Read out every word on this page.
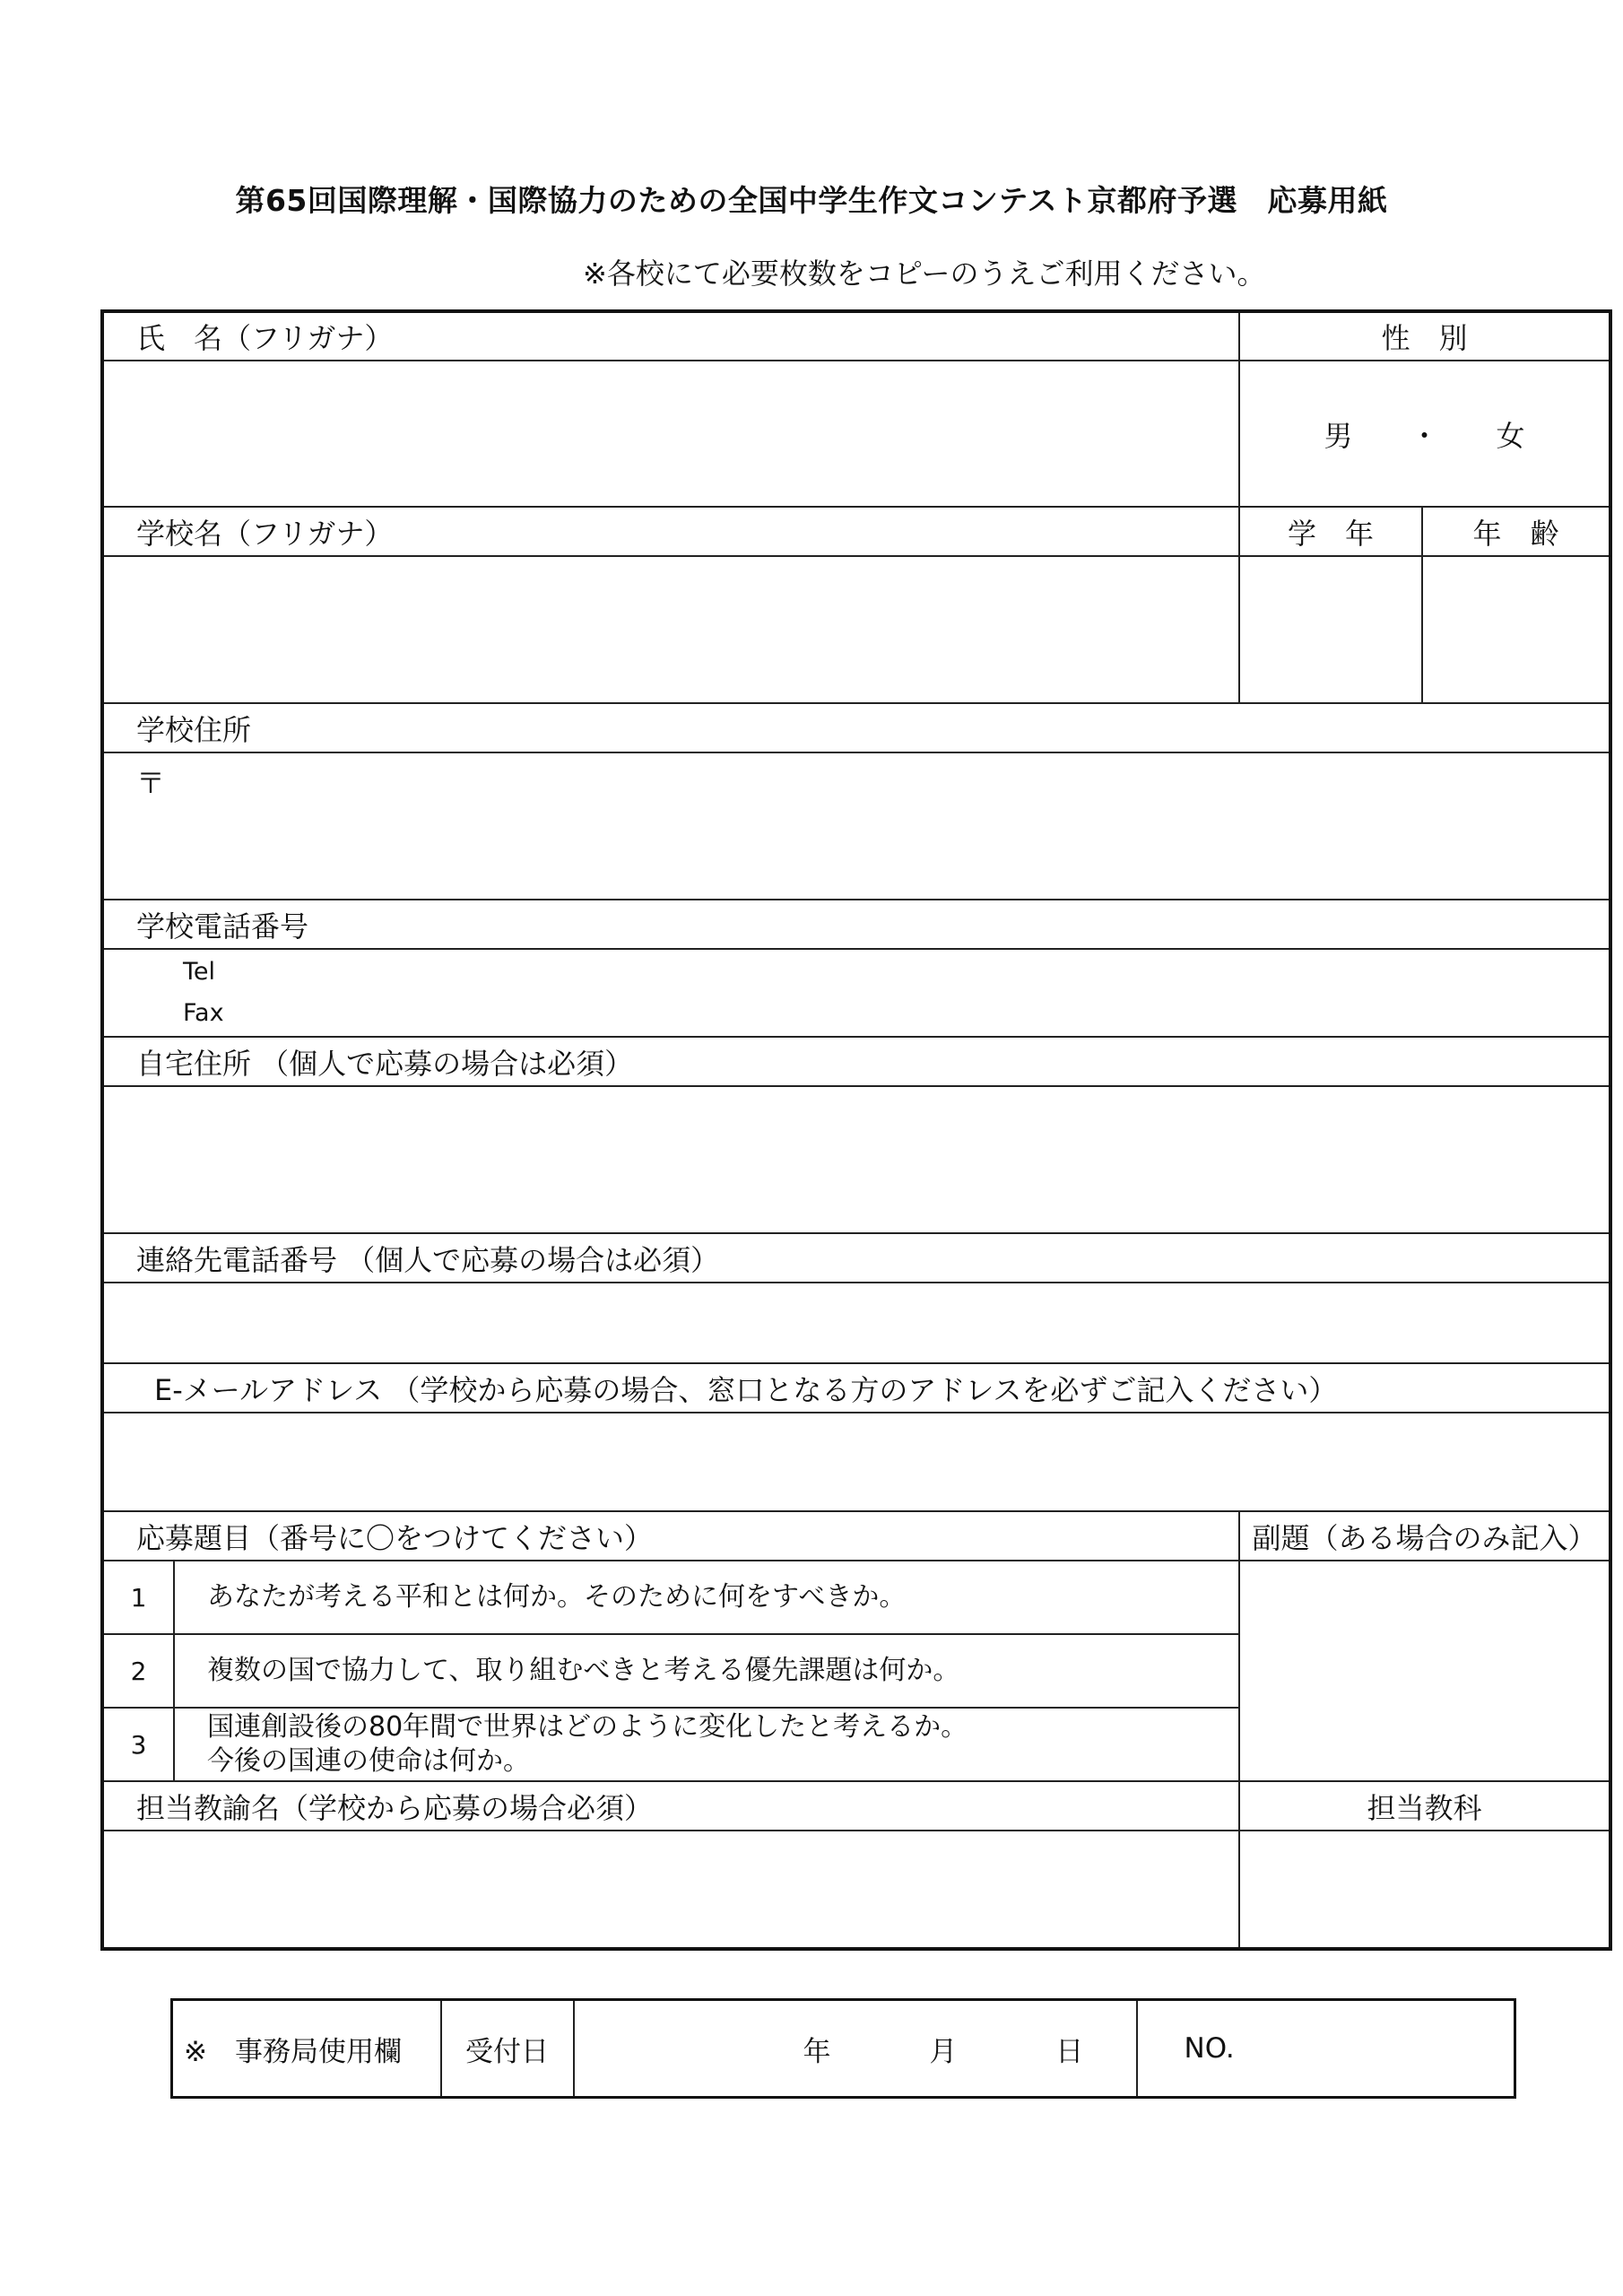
第65回国際理解・国際協力のための全国中学生作文コンテスト京都府予選　応募用紙
※各校にて必要枚数をコピーのうえご利用ください。
氏　名（フリガナ）		性　別	
		男　　・　　女	
学校名（フリガナ）		学　年	年　齢

学校住所			

〒			

学校電話番号			

Tel
Fax			

自宅住所 （個人で応募の場合は必須）			

連絡先電話番号 （個人で応募の場合は必須）			

E-メールアドレス （学校から応募の場合、窓口となる方のアドレスを必ずご記入ください）			

応募題目（番号に〇をつけてください）		副題（ある場合のみ記入）	
1	あなたが考える平和とは何か。そのために何をすべきか。		
2	複数の国で協力して、取り組むべきと考える優先課題は何か。		
3	国連創設後の80年間で世界はどのように変化したと考えるか。
今後の国連の使命は何か。		

担当教諭名（学校から応募の場合必須）		担当教科	

※　事務局使用欄	受付日	年	月	日	NO.
